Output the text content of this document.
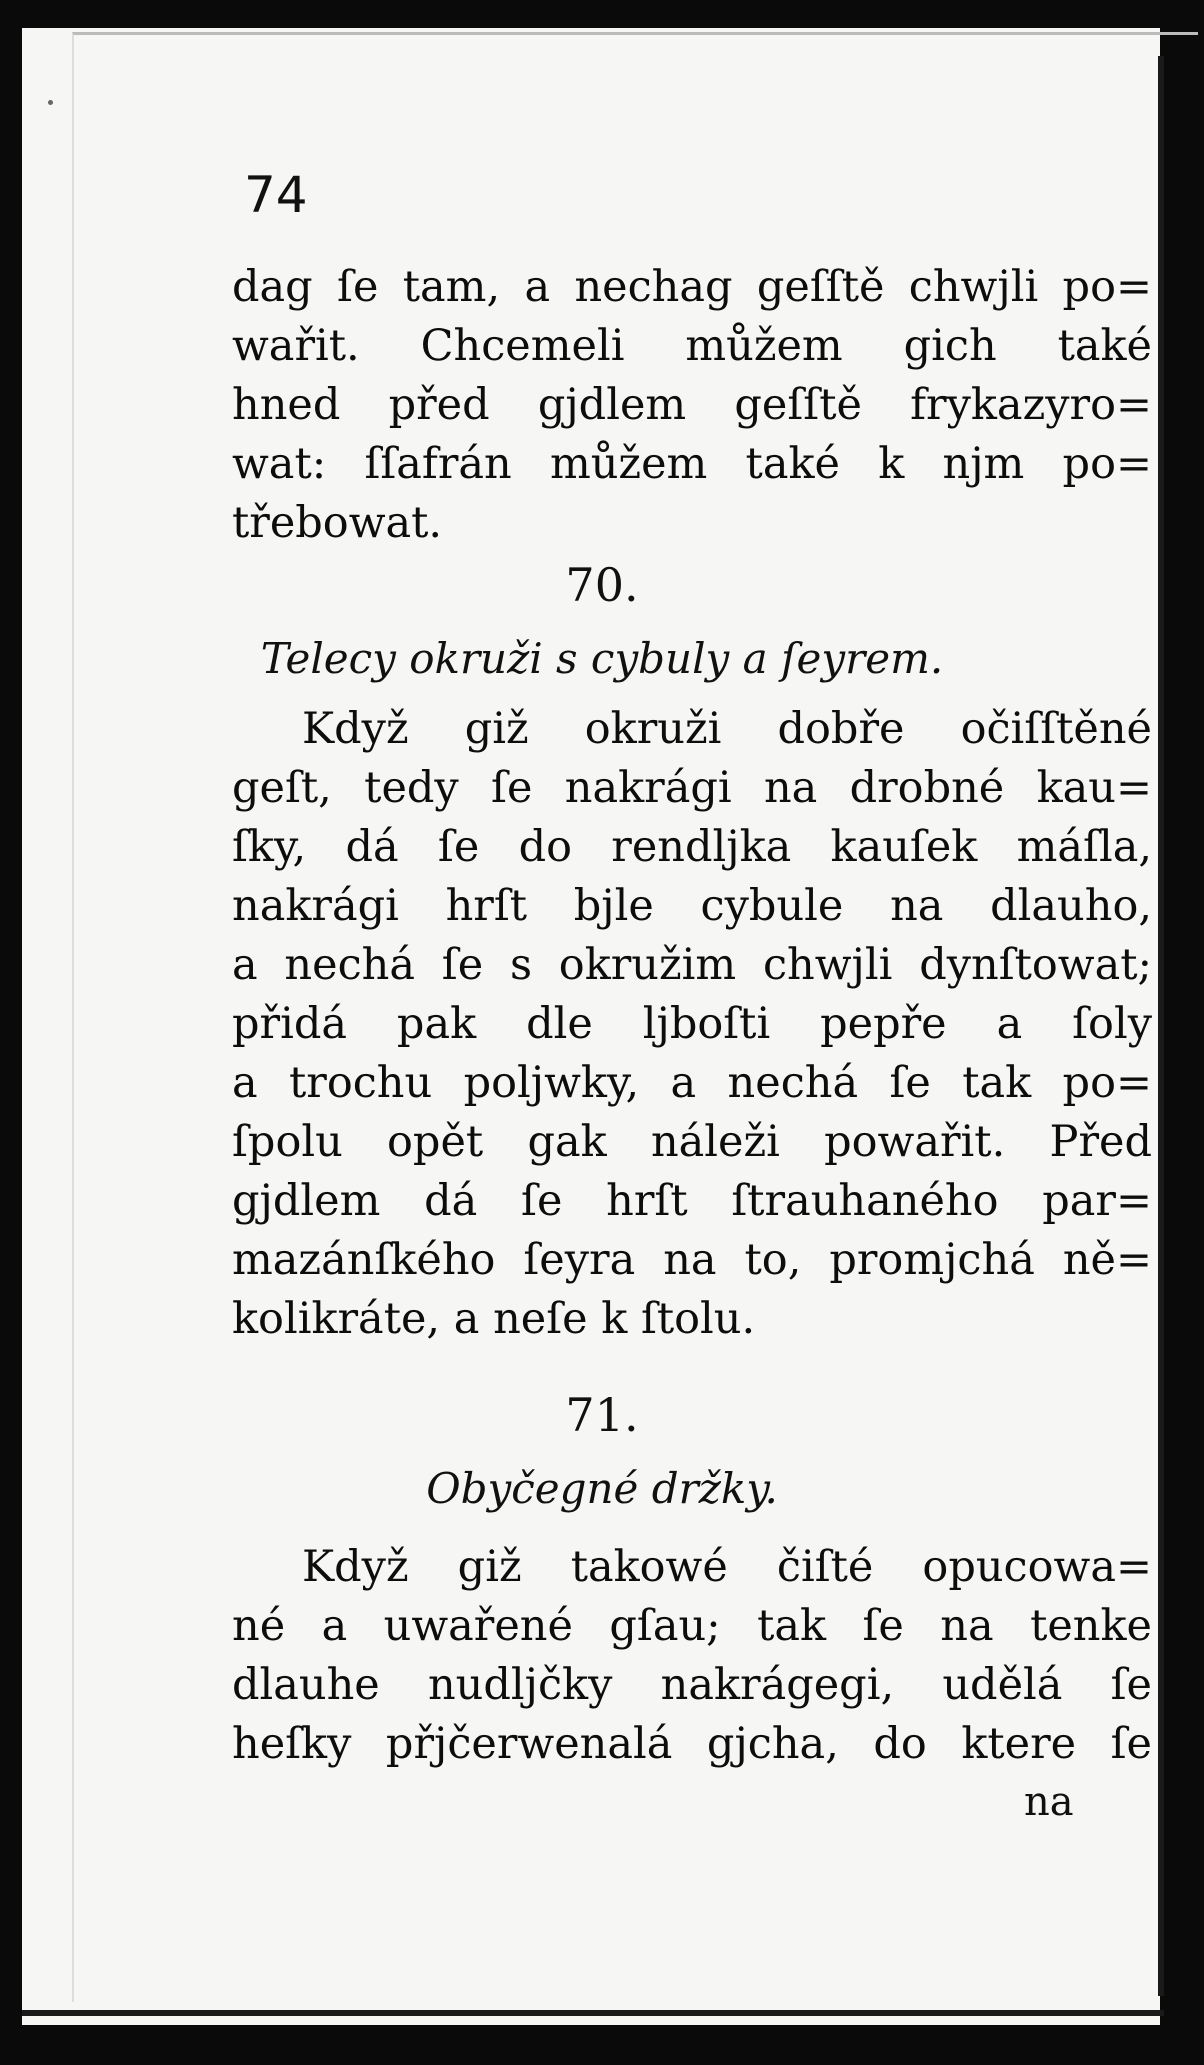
74
dag ſe tam, a nechag geſſtě chwjli po=
wařit. Chcemeli můžem gich také
hned před gjdlem geſſtě frykazyro=
wat: ſſafrán můžem také k njm po=
třebowat.
70.
Telecy okruži s cybuly a ſeyrem.
Když giž okruži dobře očiſſtěné
geſt, tedy ſe nakrági na drobné kau=
ſky, dá ſe do rendljka kauſek máſla,
nakrági hrſt bjle cybule na dlauho,
a nechá ſe s okružim chwjli dynſtowat;
přidá pak dle ljboſti pepře a ſoly
a trochu poljwky, a nechá ſe tak po=
ſpolu opět gak náleži powařit. Před
gjdlem dá ſe hrſt ſtrauhaného par=
mazánſkého ſeyra na to, promjchá ně=
kolikráte, a neſe k ſtolu.
71.
Obyčegné držky.
Když giž takowé čiſté opucowa=
né a uwařené gſau; tak ſe na tenke
dlauhe nudljčky nakrágegi, udělá ſe
heſky přjčerwenalá gjcha, do ktere ſe
na
